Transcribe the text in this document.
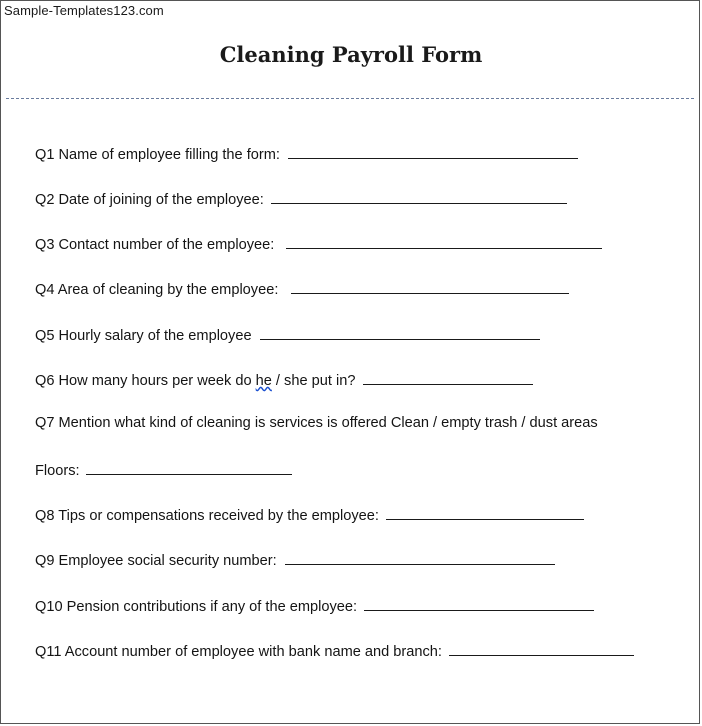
Sample-Templates123.com
Cleaning Payroll Form
Q1 Name of employee filling the form:
Q2 Date of joining of the employee:
Q3 Contact number of the employee:
Q4 Area of cleaning by the employee:
Q5 Hourly salary of the employee
Q6 How many hours per week do he / she put in?
Q7 Mention what kind of cleaning is services is offered Clean / empty trash / dust areas
Floors:
Q8 Tips or compensations received by the employee:
Q9 Employee social security number:
Q10 Pension contributions if any of the employee:
Q11 Account number of employee with bank name and branch:
